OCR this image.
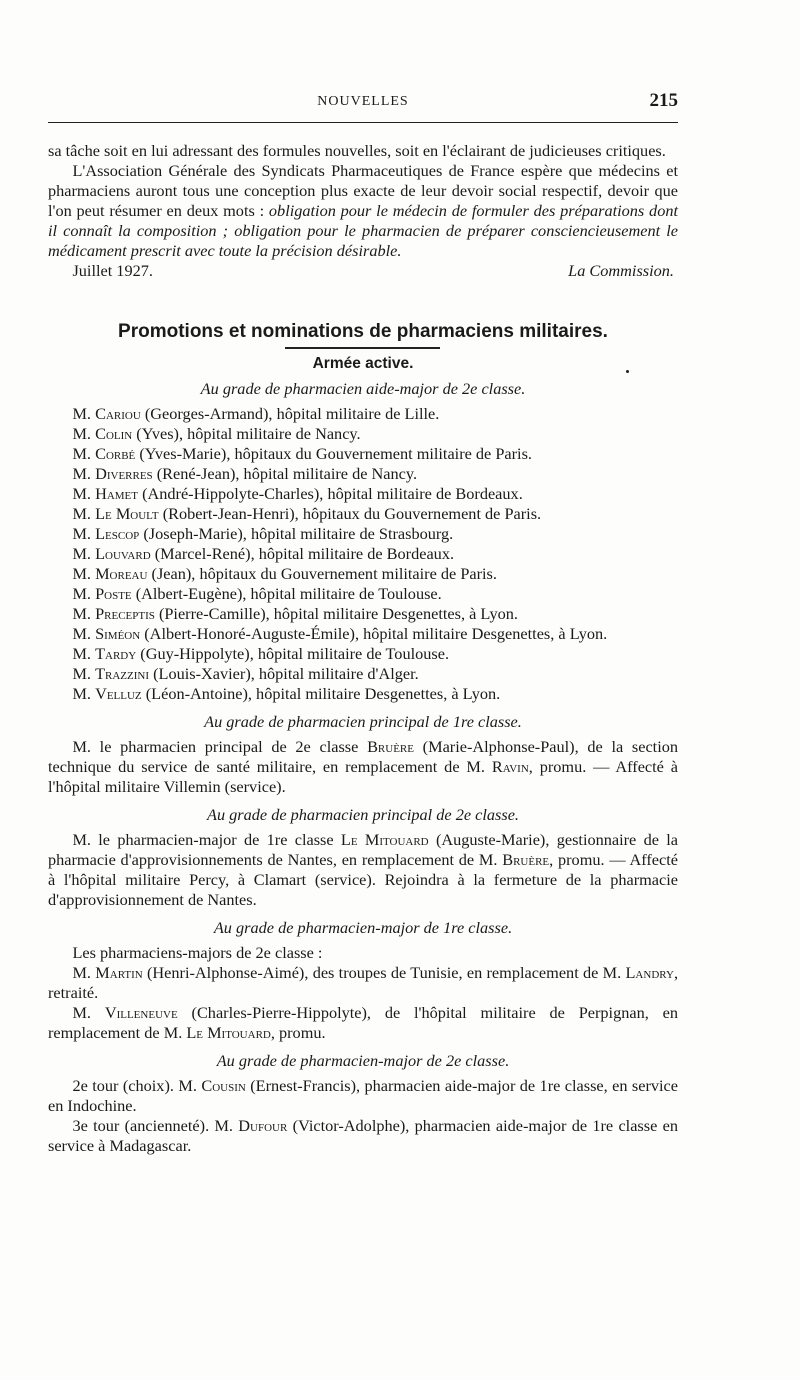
NOUVELLES	215

sa tâche soit en lui adressant des formules nouvelles, soit en l'éclairant de judicieuses critiques.

L'Association Générale des Syndicats Pharmaceutiques de France espère que médecins et pharmaciens auront tous une conception plus exacte de leur devoir social respectif, devoir que l'on peut résumer en deux mots : obligation pour le médecin de formuler des préparations dont il connaît la composition ; obligation pour le pharmacien de préparer consciencieusement le médicament prescrit avec toute la précision désirable.

Juillet 1927.	La Commission.

Promotions et nominations de pharmaciens militaires.

Armée active.

Au grade de pharmacien aide-major de 2e classe.

M. Cariou (Georges-Armand), hôpital militaire de Lille.

M. Colin (Yves), hôpital militaire de Nancy.

M. Corbé (Yves-Marie), hôpitaux du Gouvernement militaire de Paris.

M. Diverres (René-Jean), hôpital militaire de Nancy.

M. Hamet (André-Hippolyte-Charles), hôpital militaire de Bordeaux.

M. Le Moult (Robert-Jean-Henri), hôpitaux du Gouvernement de Paris.

M. Lescop (Joseph-Marie), hôpital militaire de Strasbourg.

M. Louvard (Marcel-René), hôpital militaire de Bordeaux.

M. Moreau (Jean), hôpitaux du Gouvernement militaire de Paris.

M. Poste (Albert-Eugène), hôpital militaire de Toulouse.

M. Preceptis (Pierre-Camille), hôpital militaire Desgenettes, à Lyon.

M. Siméon (Albert-Honoré-Auguste-Émile), hôpital militaire Desgenettes, à Lyon.

M. Tardy (Guy-Hippolyte), hôpital militaire de Toulouse.

M. Trazzini (Louis-Xavier), hôpital militaire d'Alger.

M. Velluz (Léon-Antoine), hôpital militaire Desgenettes, à Lyon.

Au grade de pharmacien principal de 1re classe.

M. le pharmacien principal de 2e classe Bruère (Marie-Alphonse-Paul), de la section technique du service de santé militaire, en remplacement de M. Ravin, promu. — Affecté à l'hôpital militaire Villemin (service).

Au grade de pharmacien principal de 2e classe.

M. le pharmacien-major de 1re classe Le Mitouard (Auguste-Marie), gestionnaire de la pharmacie d'approvisionnements de Nantes, en remplacement de M. Bruère, promu. — Affecté à l'hôpital militaire Percy, à Clamart (service). Rejoindra à la fermeture de la pharmacie d'approvisionnement de Nantes.

Au grade de pharmacien-major de 1re classe.

Les pharmaciens-majors de 2e classe :

M. Martin (Henri-Alphonse-Aimé), des troupes de Tunisie, en remplacement de M. Landry, retraité.

M. Villeneuve (Charles-Pierre-Hippolyte), de l'hôpital militaire de Perpignan, en remplacement de M. Le Mitouard, promu.

Au grade de pharmacien-major de 2e classe.

2e tour (choix). M. Cousin (Ernest-Francis), pharmacien aide-major de 1re classe, en service en Indochine.

3e tour (ancienneté). M. Dufour (Victor-Adolphe), pharmacien aide-major de 1re classe en service à Madagascar.
